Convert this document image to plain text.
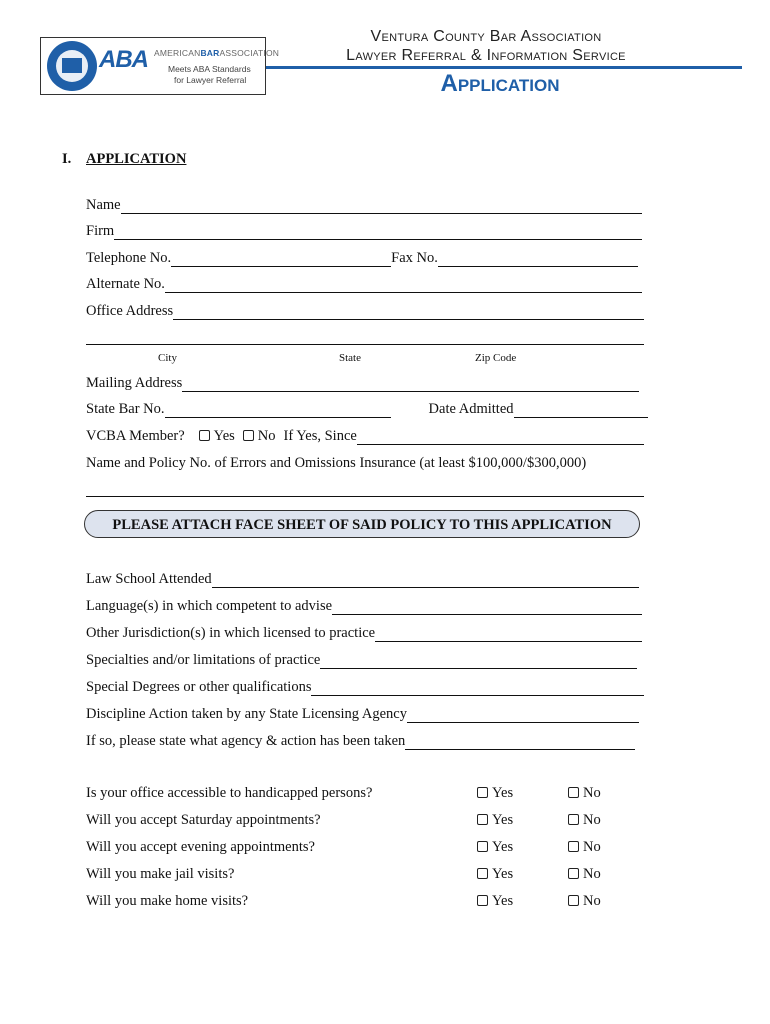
ABA AMERICANBARASSOCIATION
Meets ABA Standards
for Lawyer Referral
Ventura County Bar Association
Lawyer Referral & Information Service
Application
I. APPLICATION
Name
Firm
Telephone No.	Fax No.
Alternate No.
Office Address
City	State	Zip Code
Mailing Address
State Bar No.	Date Admitted
VCBA Member?	Yes	No If Yes, Since
Name and Policy No. of Errors and Omissions Insurance (at least $100,000/$300,000)
PLEASE ATTACH FACE SHEET OF SAID POLICY TO THIS APPLICATION
Law School Attended
Language(s) in which competent to advise
Other Jurisdiction(s) in which licensed to practice
Specialties and/or limitations of practice
Special Degrees or other qualifications
Discipline Action taken by any State Licensing Agency
If so, please state what agency & action has been taken
Is your office accessible to handicapped persons?	Yes	No
Will you accept Saturday appointments?	Yes	No
Will you accept evening appointments?	Yes	No
Will you make jail visits?	Yes	No
Will you make home visits?	Yes	No
